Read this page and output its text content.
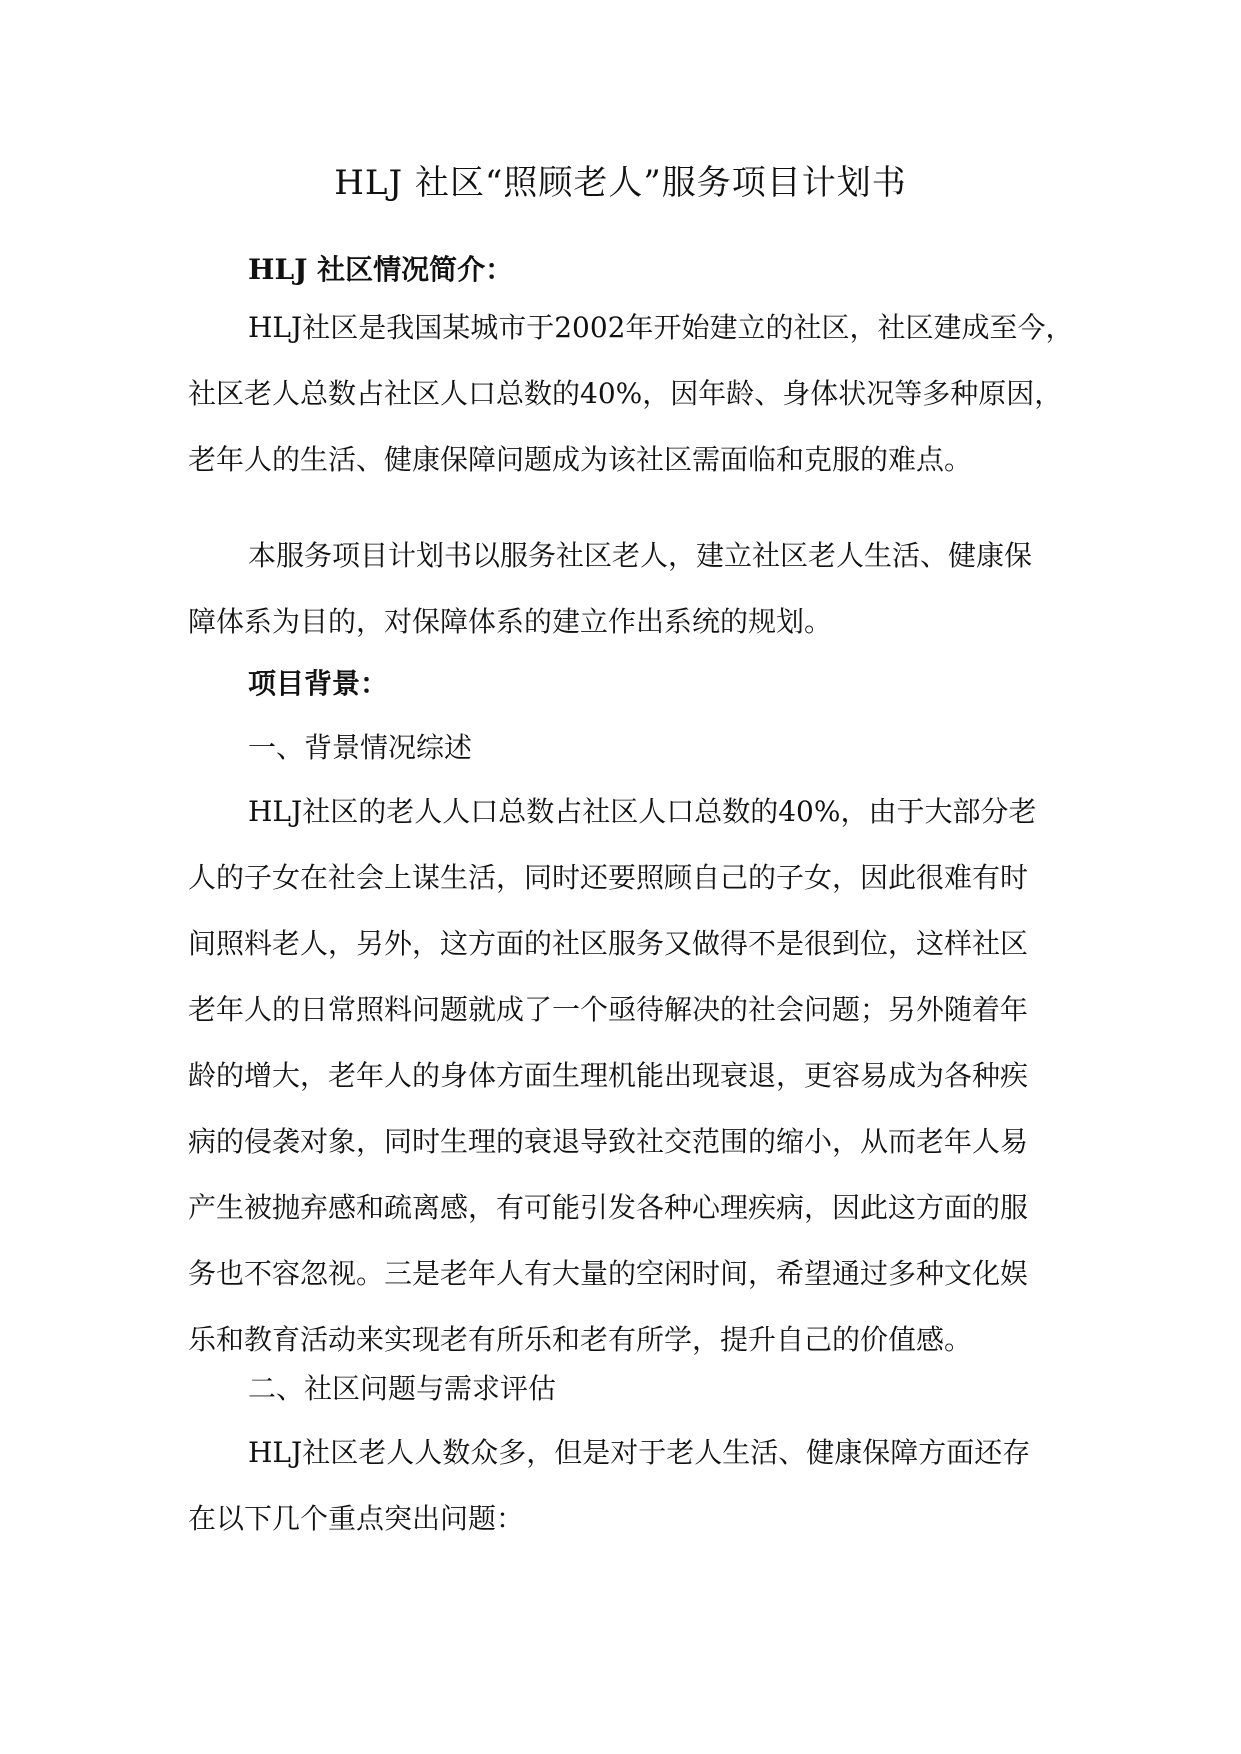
HLJ 社区“照顾老人”服务项目计划书
HLJ 社区情况简介：
HLJ社区是我国某城市于2002年开始建立的社区，社区建成至今，
社区老人总数占社区人口总数的40%，因年龄、身体状况等多种原因，
老年人的生活、健康保障问题成为该社区需面临和克服的难点。
本服务项目计划书以服务社区老人，建立社区老人生活、健康保
障体系为目的，对保障体系的建立作出系统的规划。
项目背景：
一、背景情况综述
HLJ社区的老人人口总数占社区人口总数的40%，由于大部分老
人的子女在社会上谋生活，同时还要照顾自己的子女，因此很难有时
间照料老人，另外，这方面的社区服务又做得不是很到位，这样社区
老年人的日常照料问题就成了一个亟待解决的社会问题；另外随着年
龄的增大，老年人的身体方面生理机能出现衰退，更容易成为各种疾
病的侵袭对象，同时生理的衰退导致社交范围的缩小，从而老年人易
产生被抛弃感和疏离感，有可能引发各种心理疾病，因此这方面的服
务也不容忽视。三是老年人有大量的空闲时间，希望通过多种文化娱
乐和教育活动来实现老有所乐和老有所学，提升自己的价值感。
二、社区问题与需求评估
HLJ社区老人人数众多，但是对于老人生活、健康保障方面还存
在以下几个重点突出问题：
